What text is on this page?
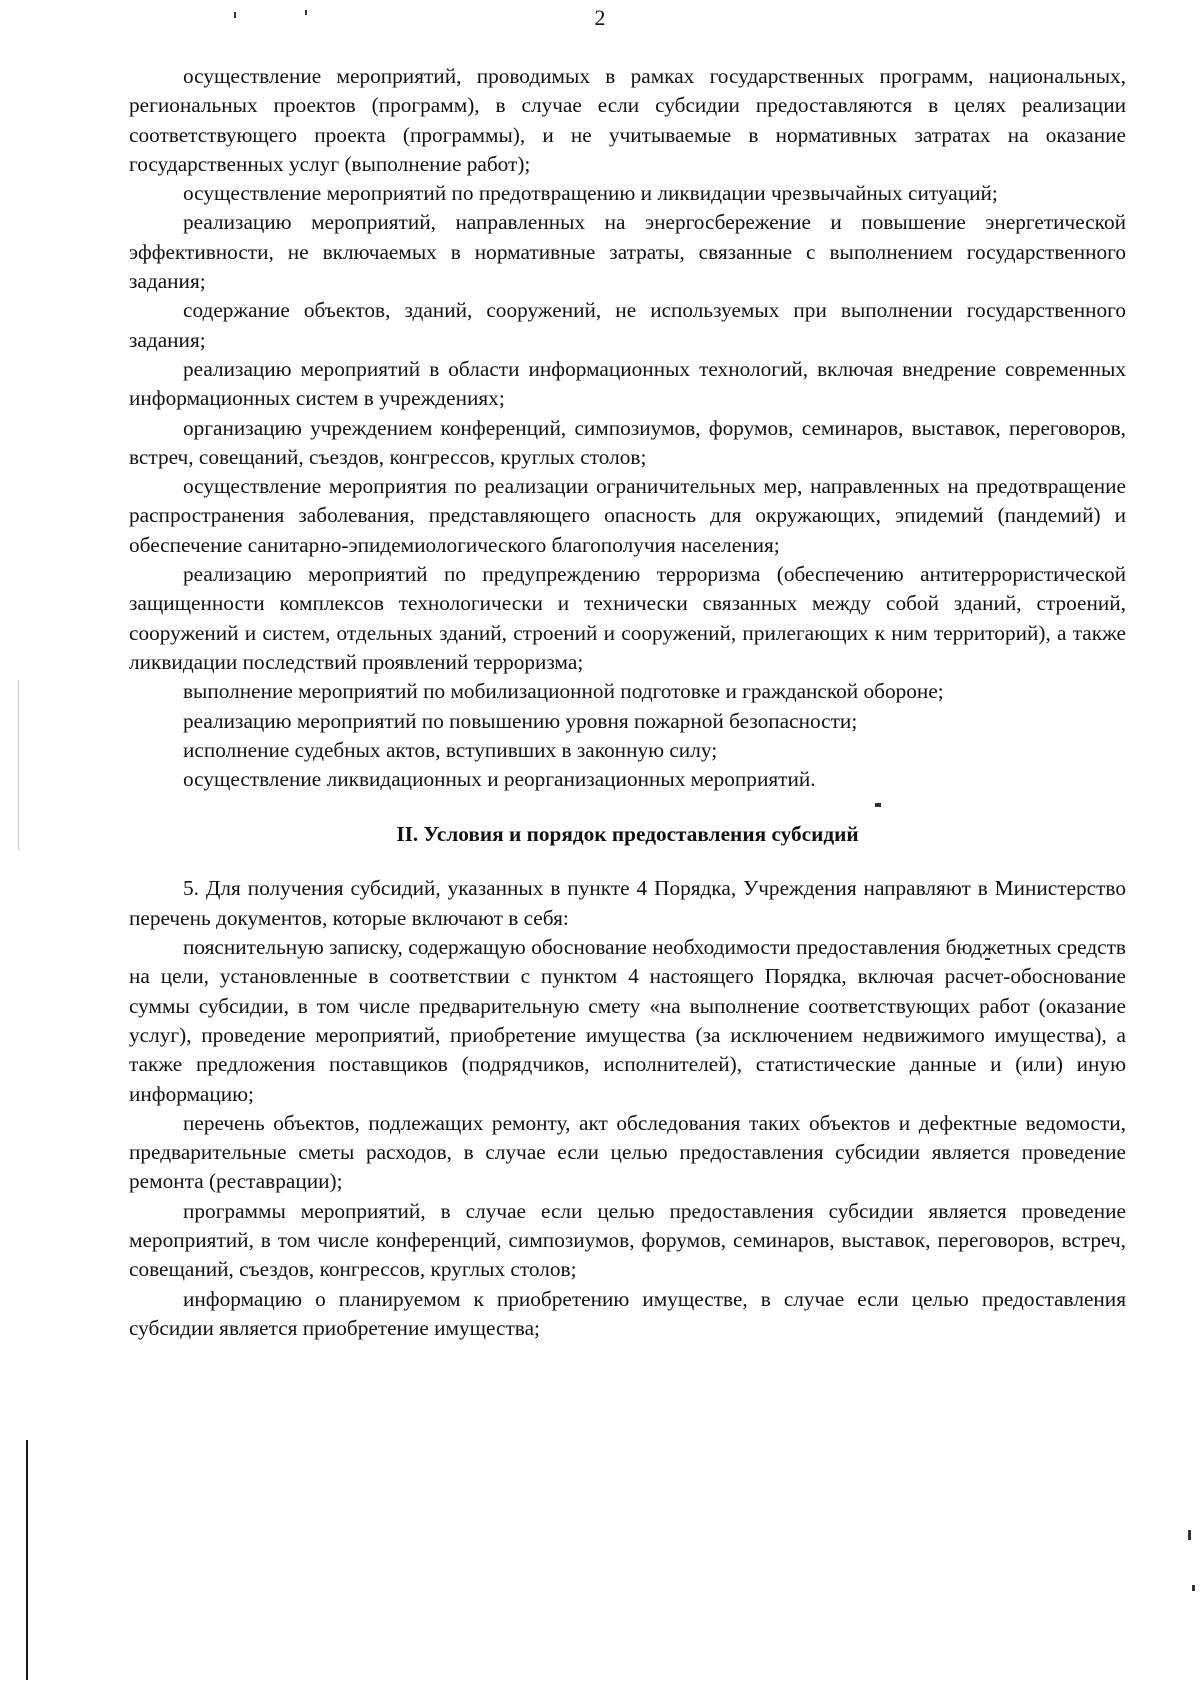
2

осуществление мероприятий, проводимых в рамках государственных программ, национальных, региональных проектов (программ), в случае если субсидии предоставляются в целях реализации соответствующего проекта (программы), и не учитываемые в нормативных затратах на оказание государственных услуг (выполнение работ);

осуществление мероприятий по предотвращению и ликвидации чрезвычайных ситуаций;

реализацию мероприятий, направленных на энергосбережение и повышение энергетической эффективности, не включаемых в нормативные затраты, связанные с выполнением государственного задания;

содержание объектов, зданий, сооружений, не используемых при выполнении государственного задания;

реализацию мероприятий в области информационных технологий, включая внедрение современных информационных систем в учреждениях;

организацию учреждением конференций, симпозиумов, форумов, семинаров, выставок, переговоров, встреч, совещаний, съездов, конгрессов, круглых столов;

осуществление мероприятия по реализации ограничительных мер, направленных на предотвращение распространения заболевания, представляющего опасность для окружающих, эпидемий (пандемий) и обеспечение санитарно-эпидемиологического благополучия населения;

реализацию мероприятий по предупреждению терроризма (обеспечению антитеррористической защищенности комплексов технологически и технически связанных между собой зданий, строений, сооружений и систем, отдельных зданий, строений и сооружений, прилегающих к ним территорий), а также ликвидации последствий проявлений терроризма;

выполнение мероприятий по мобилизационной подготовке и гражданской обороне;

реализацию мероприятий по повышению уровня пожарной безопасности;

исполнение судебных актов, вступивших в законную силу;

осуществление ликвидационных и реорганизационных мероприятий.

II. Условия и порядок предоставления субсидий

5. Для получения субсидий, указанных в пункте 4 Порядка, Учреждения направляют в Министерство перечень документов, которые включают в себя:

пояснительную записку, содержащую обоснование необходимости предоставления бюджетных средств на цели, установленные в соответствии с пунктом 4 настоящего Порядка, включая расчет-обоснование суммы субсидии, в том числе предварительную смету «на выполнение соответствующих работ (оказание услуг), проведение мероприятий, приобретение имущества (за исключением недвижимого имущества), а также предложения поставщиков (подрядчиков, исполнителей), статистические данные и (или) иную информацию;

перечень объектов, подлежащих ремонту, акт обследования таких объектов и дефектные ведомости, предварительные сметы расходов, в случае если целью предоставления субсидии является проведение ремонта (реставрации);

программы мероприятий, в случае если целью предоставления субсидии является проведение мероприятий, в том числе конференций, симпозиумов, форумов, семинаров, выставок, переговоров, встреч, совещаний, съездов, конгрессов, круглых столов;

информацию о планируемом к приобретению имуществе, в случае если целью предоставления субсидии является приобретение имущества;
